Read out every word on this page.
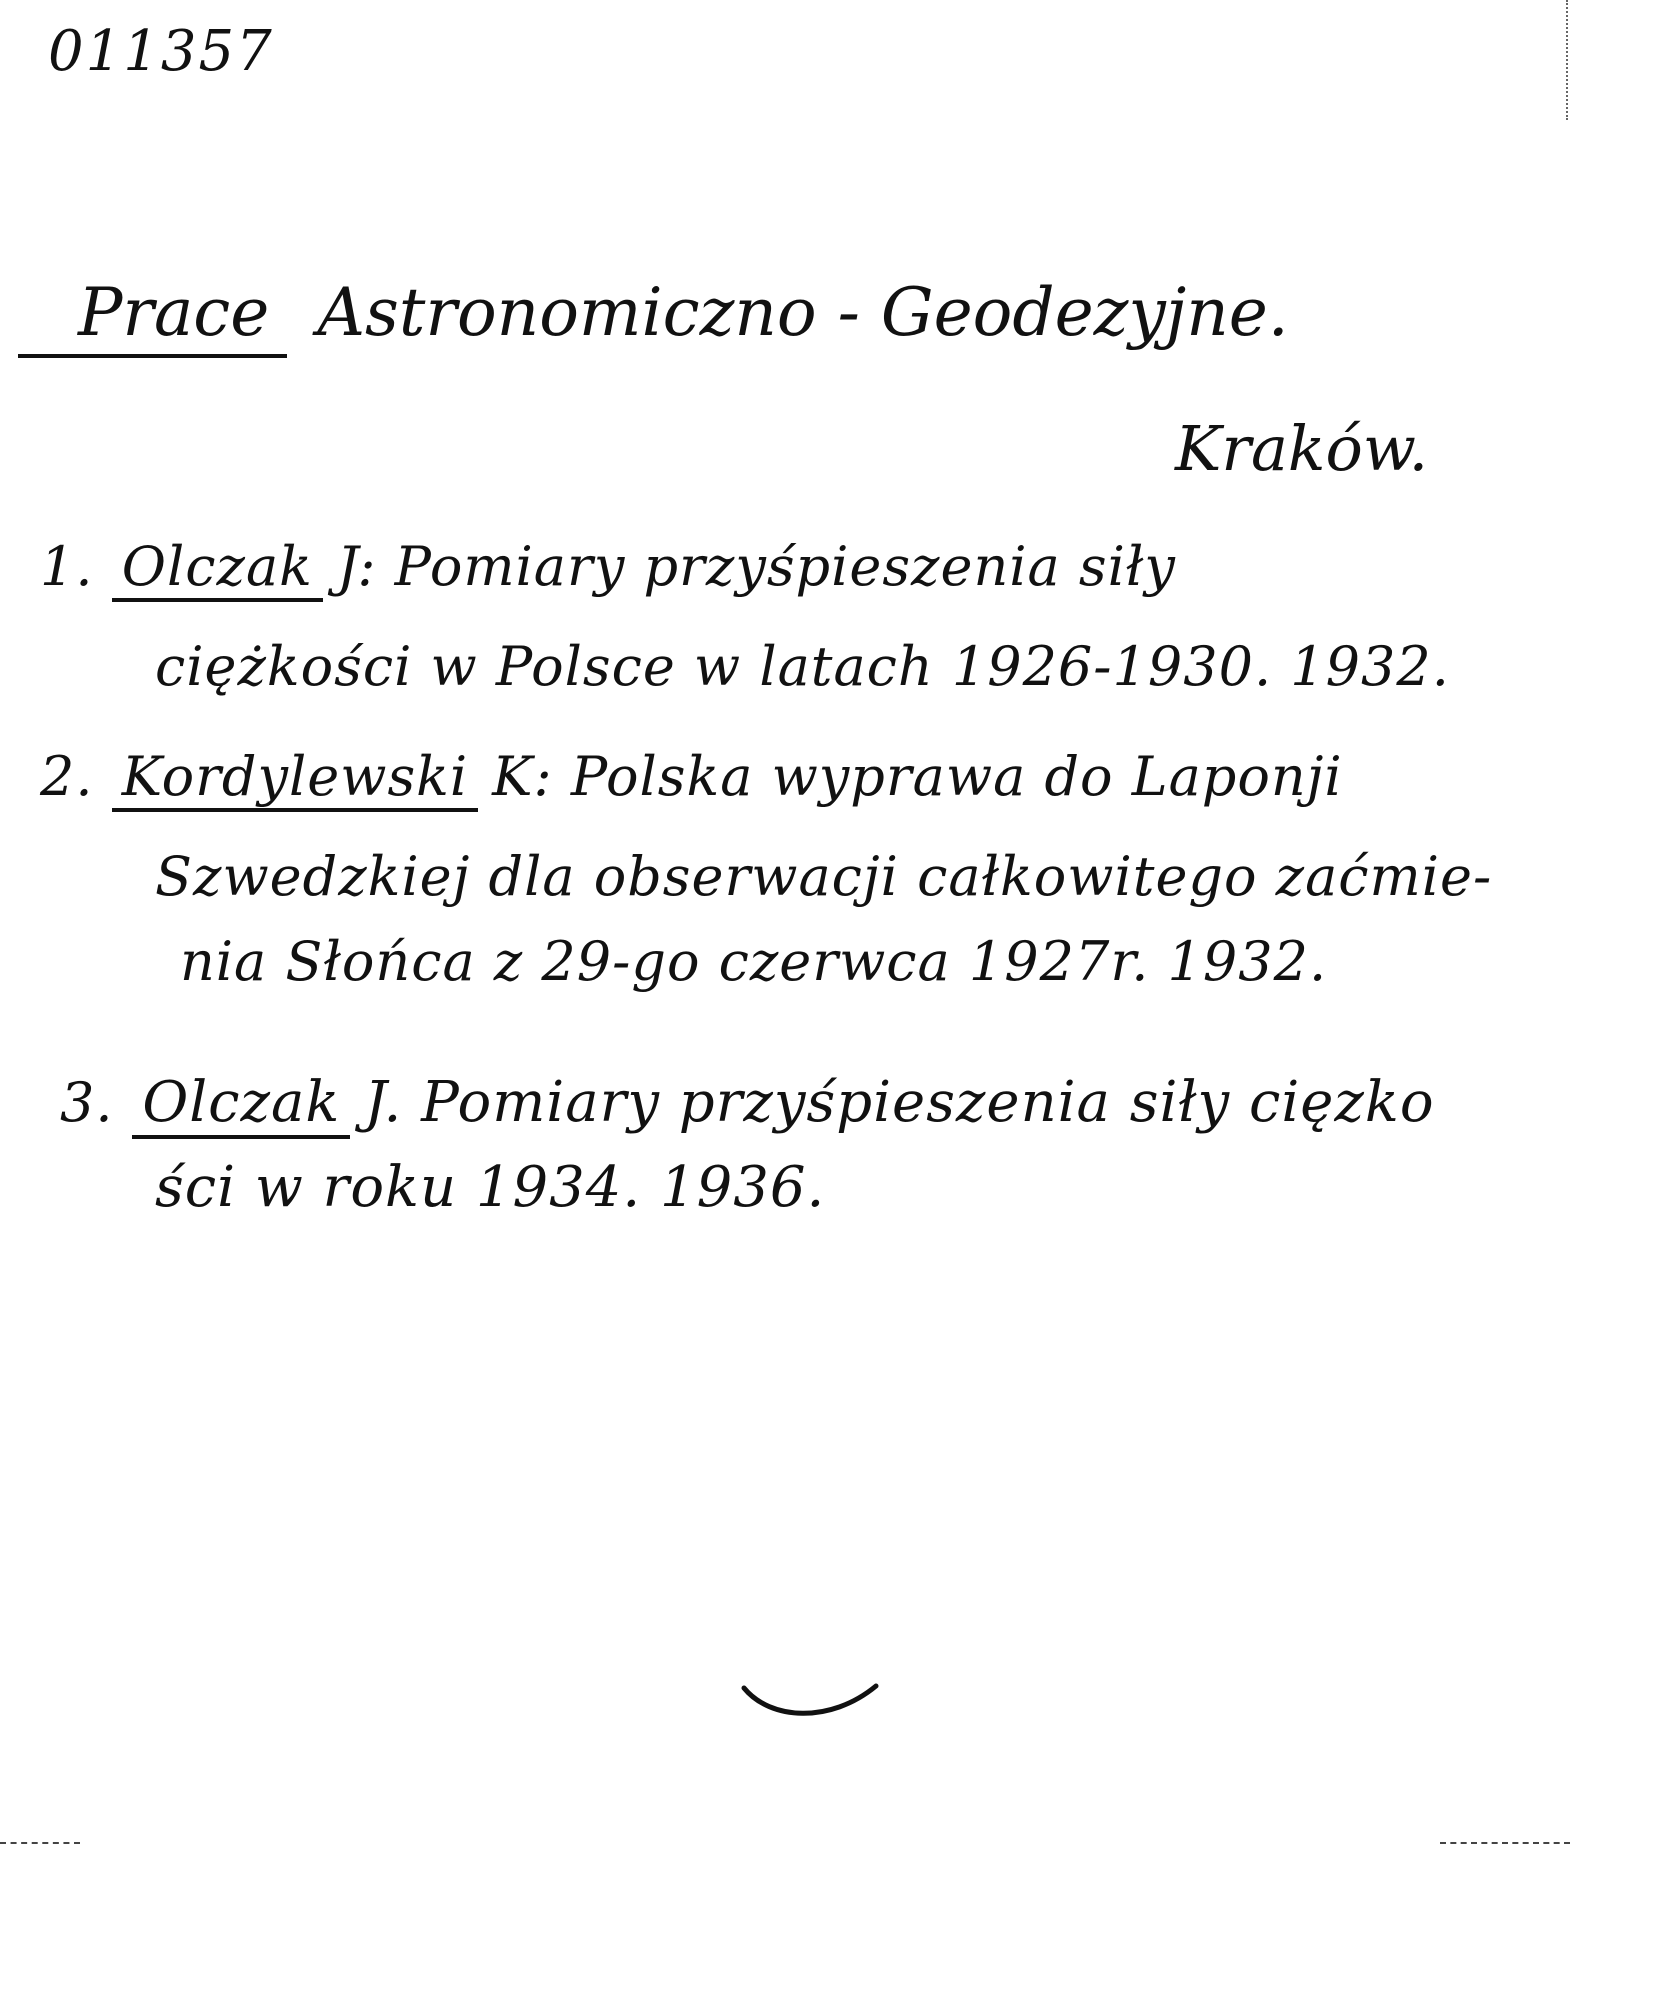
011357
Prace Astronomiczno - Geodezyjne.
Kraków.
1. Olczak J: Pomiary przyśpieszenia siły
ciężkości w Polsce w latach 1926-1930. 1932.
2. Kordylewski K: Polska wyprawa do Laponji
Szwedzkiej dla obserwacji całkowitego zaćmie-
nia Słońca z 29-go czerwca 1927r. 1932.
3. Olczak J. Pomiary przyśpieszenia siły cięzko
ści w roku 1934. 1936.
